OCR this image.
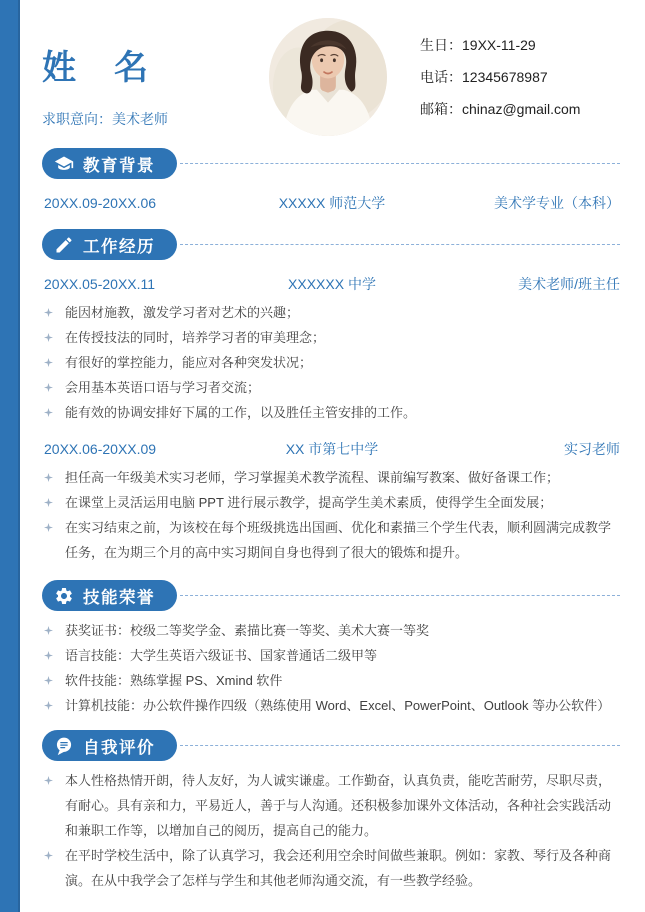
姓　名
求职意向：美术老师
生日： 19XX-11-29
电话： 12345678987
邮箱： chinaz@gmail.com
教育背景
20XX.09-20XX.06	XXXXX 师范大学	美术学专业（本科）
工作经历
20XX.05-20XX.11	XXXXXX 中学	美术老师/班主任
能因材施教，激发学习者对艺术的兴趣；
在传授技法的同时，培养学习者的审美理念；
有很好的掌控能力，能应对各种突发状况；
会用基本英语口语与学习者交流；
能有效的协调安排好下属的工作，以及胜任主管安排的工作。
20XX.06-20XX.09	XX 市第七中学	实习老师
担任高一年级美术实习老师，学习掌握美术教学流程、课前编写教案、做好备课工作；
在课堂上灵活运用电脑 PPT 进行展示教学，提高学生美术素质，使得学生全面发展；
在实习结束之前，为该校在每个班级挑选出国画、优化和素描三个学生代表，顺利圆满完成教学任务，在为期三个月的高中实习期间自身也得到了很大的锻炼和提升。
技能荣誉
获奖证书：校级二等奖学金、素描比赛一等奖、美术大赛一等奖
语言技能：大学生英语六级证书、国家普通话二级甲等
软件技能：熟练掌握 PS、Xmind 软件
计算机技能：办公软件操作四级（熟练使用 Word、Excel、PowerPoint、Outlook 等办公软件）
自我评价
本人性格热情开朗，待人友好，为人诚实谦虚。工作勤奋，认真负责，能吃苦耐劳，尽职尽责，有耐心。具有亲和力，平易近人，善于与人沟通。还积极参加课外文体活动，各种社会实践活动和兼职工作等，以增加自己的阅历，提高自己的能力。
在平时学校生活中，除了认真学习，我会还利用空余时间做些兼职。例如：家教、琴行及各种商演。在从中我学会了怎样与学生和其他老师沟通交流，有一些教学经验。
